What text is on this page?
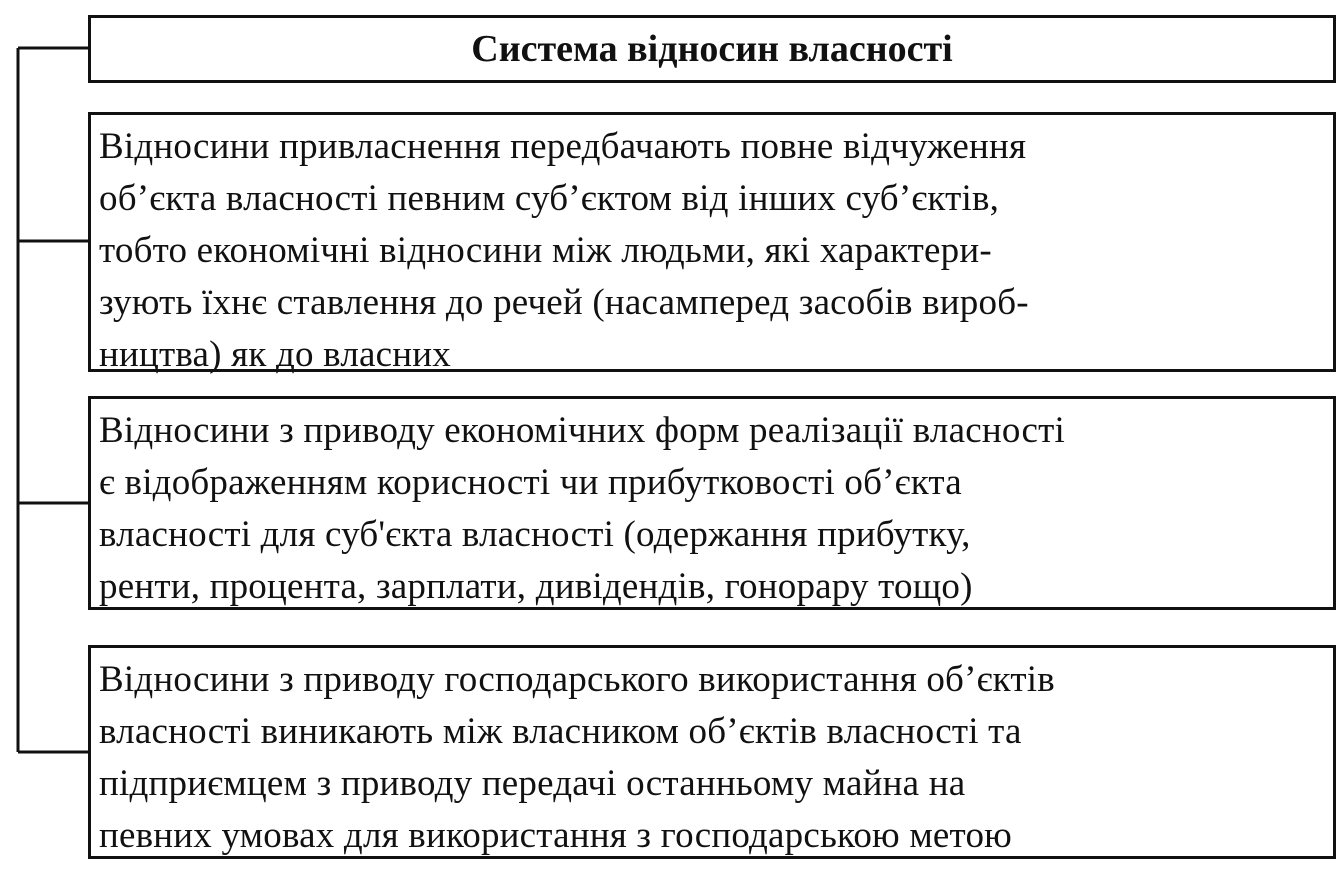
Система відносин власності
Відносини привласнення передбачають повне відчуження
об’єкта власності певним суб’єктом від інших суб’єктів,
тобто економічні відносини між людьми, які характери-
зують їхнє ставлення до речей (насамперед засобів вироб-
ництва) як до власних
Відносини з приводу економічних форм реалізації власності
є відображенням корисності чи прибутковості об’єкта
власності для суб'єкта власності (одержання прибутку,
ренти, процента, зарплати, дивідендів, гонорару тощо)
Відносини з приводу господарського використання об’єктів
власності виникають між власником об’єктів власності та
підприємцем з приводу передачі останньому майна на
певних умовах для використання з господарською метою
